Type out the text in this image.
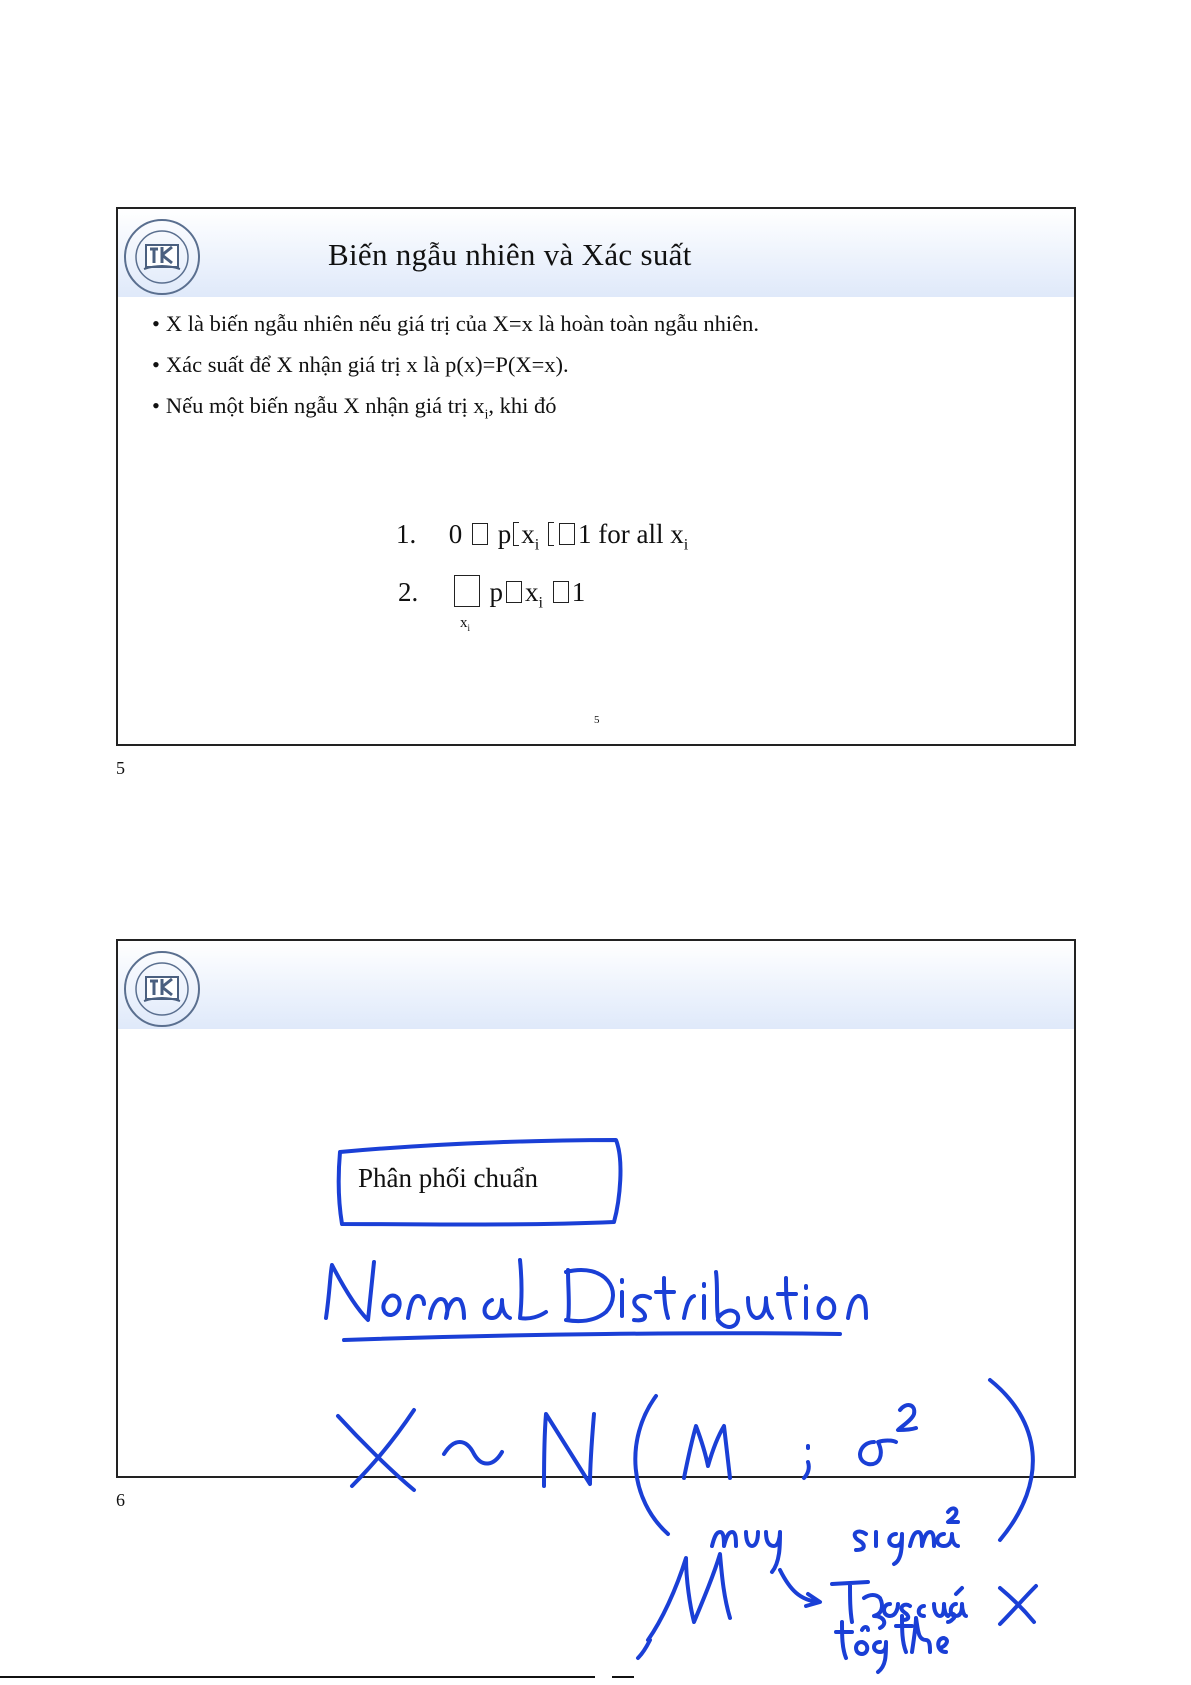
Biến ngẫu nhiên và Xác suất
• X là biến ngẫu nhiên nếu giá trị của X=x là hoàn toàn ngẫu nhiên.
• Xác suất để X nhận giá trị x là p(x)=P(X=x).
• Nếu một biến ngẫu X nhận giá trị $x_i$, khi đó
1. 0 p $x_i$ 1 for all $x_i$
2.	p $x_i$ 1
$x_i$
5
5
Phân phối chuẩn
6
